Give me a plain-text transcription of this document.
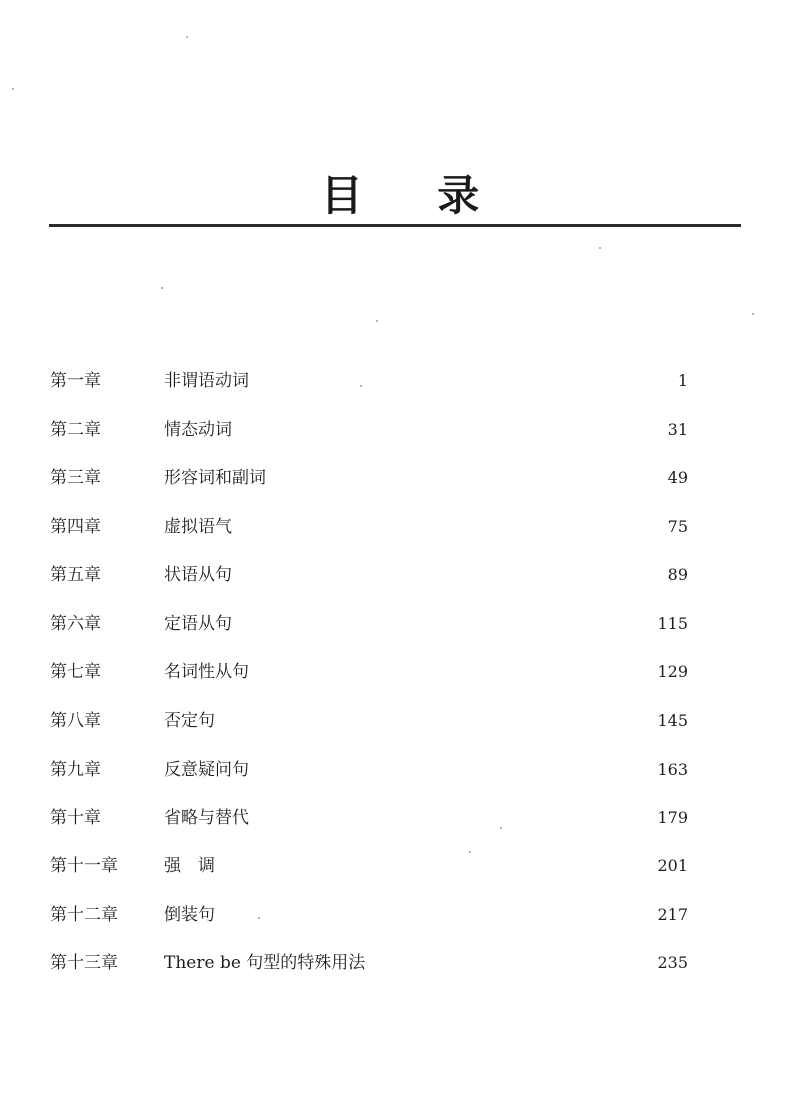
目 录
第一章	非谓语动词	1
第二章	情态动词	31
第三章	形容词和副词	49
第四章	虚拟语气	75
第五章	状语从句	89
第六章	定语从句	115
第七章	名词性从句	129
第八章	否定句	145
第九章	反意疑问句	163
第十章	省略与替代	179
第十一章	强　调	201
第十二章	倒装句	217
第十三章	There be 句型的特殊用法	235
